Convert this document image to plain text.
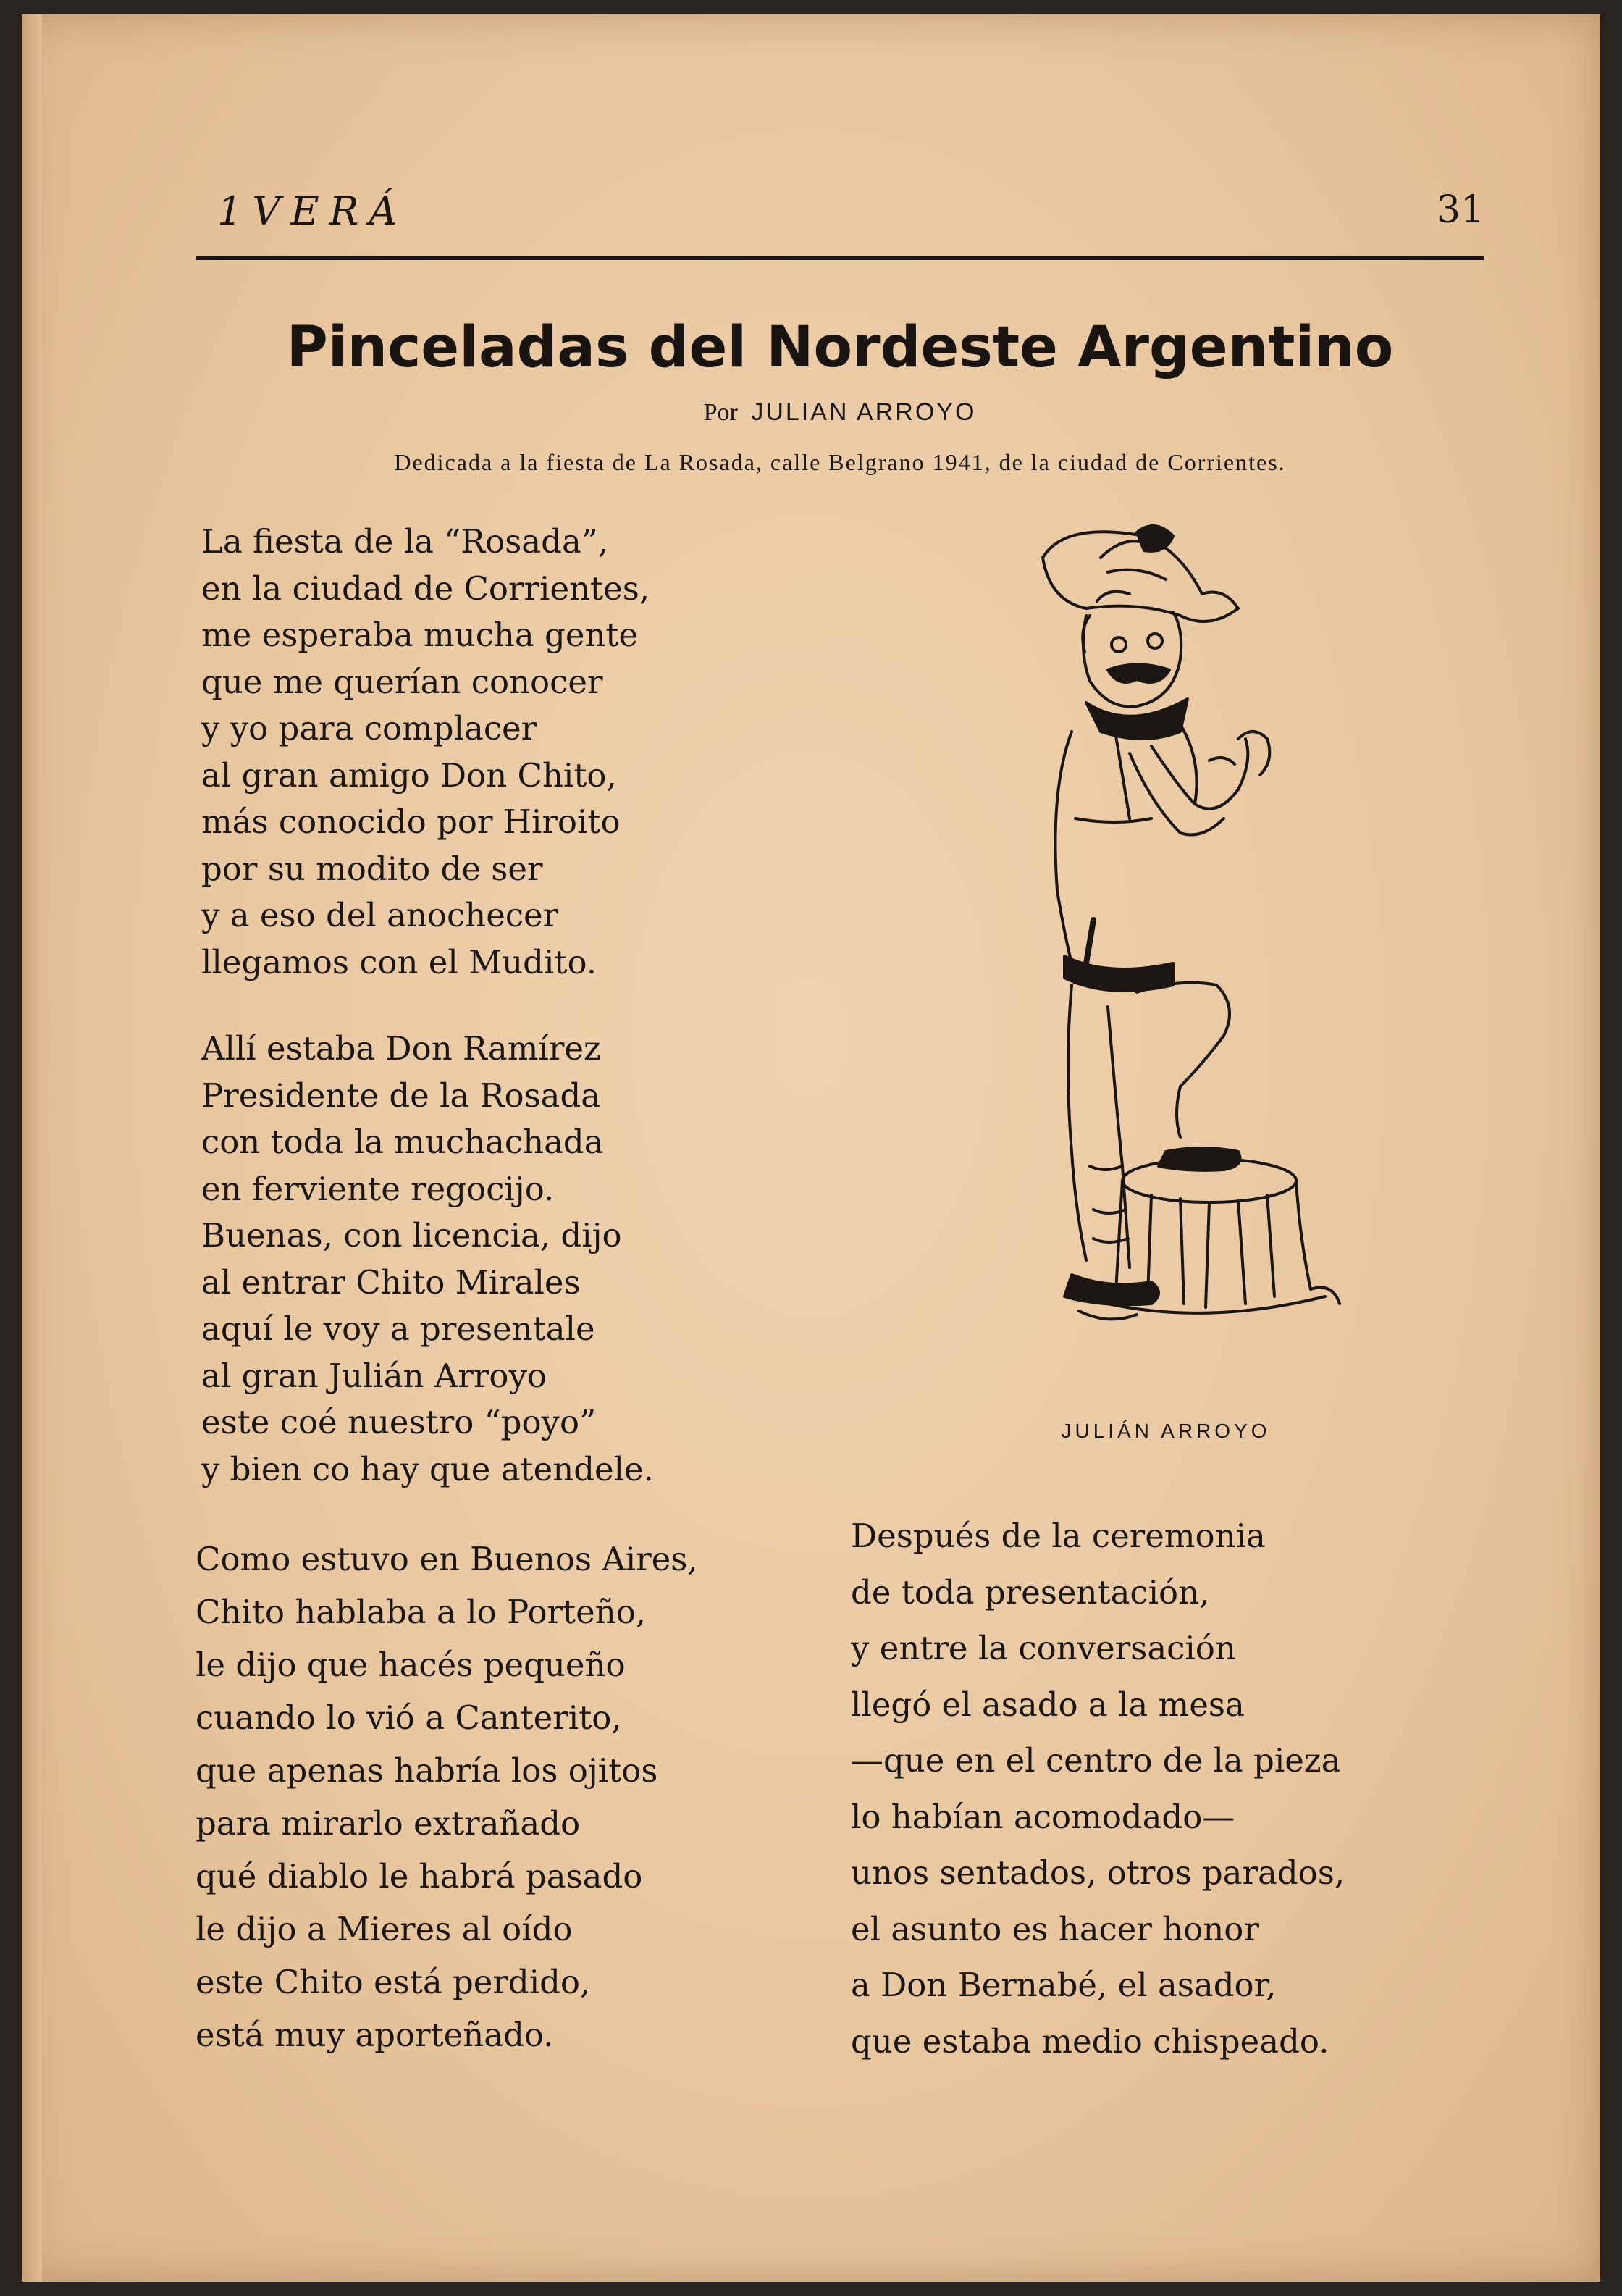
1VERÁ	31
Pinceladas del Nordeste Argentino
Por JULIAN ARROYO
Dedicada a la fiesta de La Rosada, calle Belgrano 1941, de la ciudad de Corrientes.
La fiesta de la “Rosada”,
en la ciudad de Corrientes,
me esperaba mucha gente
que me querían conocer
y yo para complacer
al gran amigo Don Chito,
más conocido por Hiroito
por su modito de ser
y a eso del anochecer
llegamos con el Mudito.
Allí estaba Don Ramírez
Presidente de la Rosada
con toda la muchachada
en ferviente regocijo.
Buenas, con licencia, dijo
al entrar Chito Mirales
aquí le voy a presentale
al gran Julián Arroyo
este coé nuestro “poyo”
y bien co hay que atendele.
Como estuvo en Buenos Aires,
Chito hablaba a lo Porteño,
le dijo que hacés pequeño
cuando lo vió a Canterito,
que apenas habría los ojitos
para mirarlo extrañado
qué diablo le habrá pasado
le dijo a Mieres al oído
este Chito está perdido,
está muy aporteñado.
Después de la ceremonia
de toda presentación,
y entre la conversación
llegó el asado a la mesa
—que en el centro de la pieza
lo habían acomodado—
unos sentados, otros parados,
el asunto es hacer honor
a Don Bernabé, el asador,
que estaba medio chispeado.
JULIÁN ARROYO
